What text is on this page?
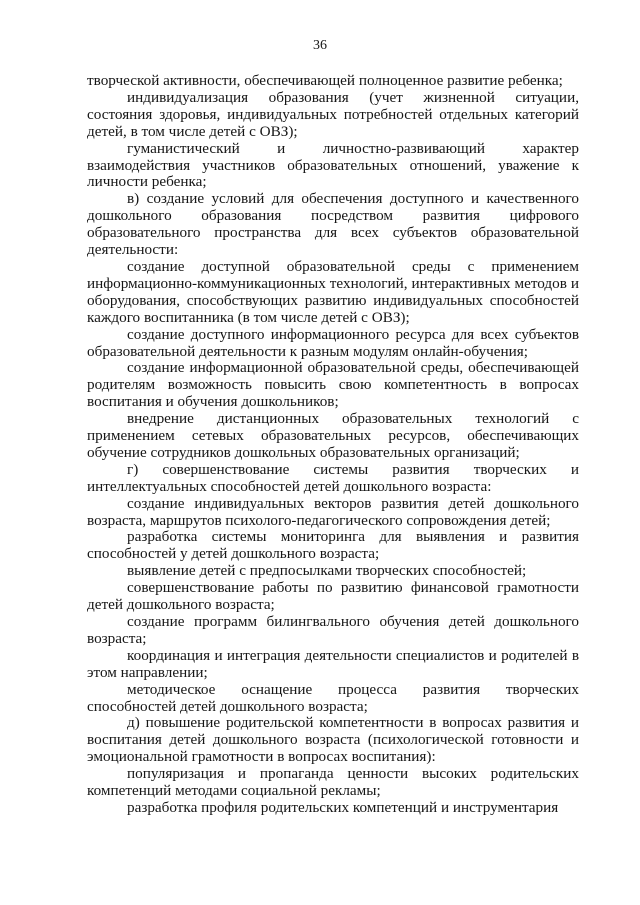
36

творческой активности, обеспечивающей полноценное развитие ребенка;

индивидуализация образования (учет жизненной ситуации, состояния здоровья, индивидуальных потребностей отдельных категорий детей, в том числе детей с ОВЗ);

гуманистический и личностно-развивающий характер взаимодействия участников образовательных отношений, уважение к личности ребенка;

в) создание условий для обеспечения доступного и качественного дошкольного образования посредством развития цифрового образовательного пространства для всех субъектов образовательной деятельности:

создание доступной образовательной среды с применением информационно-коммуникационных технологий, интерактивных методов и оборудования, способствующих развитию индивидуальных способностей каждого воспитанника (в том числе детей с ОВЗ);

создание доступного информационного ресурса для всех субъектов образовательной деятельности к разным модулям онлайн-обучения;

создание информационной образовательной среды, обеспечивающей родителям возможность повысить свою компетентность в вопросах воспитания и обучения дошкольников;

внедрение дистанционных образовательных технологий с применением сетевых образовательных ресурсов, обеспечивающих обучение сотрудников дошкольных образовательных организаций;

г) совершенствование системы развития творческих и интеллектуальных способностей детей дошкольного возраста:

создание индивидуальных векторов развития детей дошкольного возраста, маршрутов психолого-педагогического сопровождения детей;

разработка системы мониторинга для выявления и развития способностей у детей дошкольного возраста;

выявление детей с предпосылками творческих способностей;

совершенствование работы по развитию финансовой грамотности детей дошкольного возраста;

создание программ билингвального обучения детей дошкольного возраста;

координация и интеграция деятельности специалистов и родителей в этом направлении;

методическое оснащение процесса развития творческих способностей детей дошкольного возраста;

д) повышение родительской компетентности в вопросах развития и воспитания детей дошкольного возраста (психологической готовности и эмоциональной грамотности в вопросах воспитания):

популяризация и пропаганда ценности высоких родительских компетенций методами социальной рекламы;

разработка профиля родительских компетенций и инструментария
